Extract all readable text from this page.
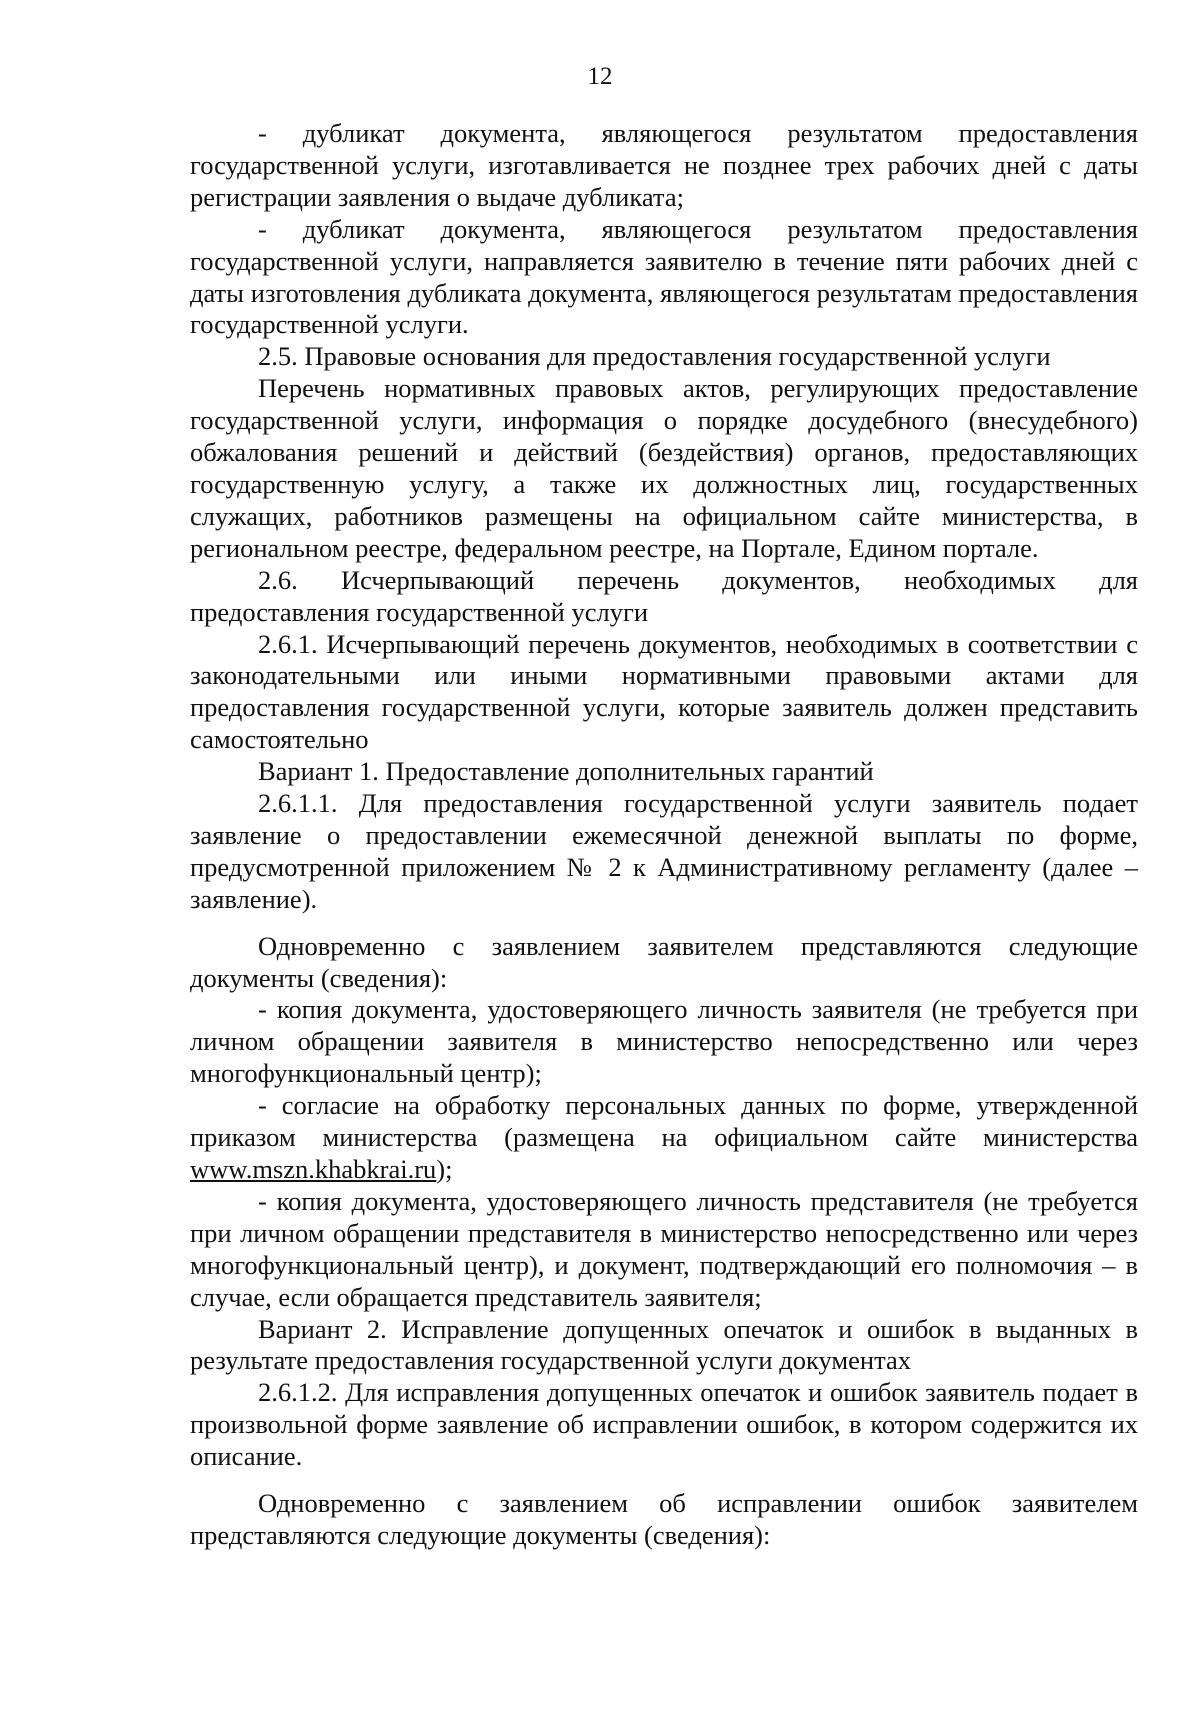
12

- дубликат документа, являющегося результатом предоставления государственной услуги, изготавливается не позднее трех рабочих дней с даты регистрации заявления о выдаче дубликата;

- дубликат документа, являющегося результатом предоставления государственной услуги, направляется заявителю в течение пяти рабочих дней с даты изготовления дубликата документа, являющегося результатам предоставления государственной услуги.

2.5. Правовые основания для предоставления государственной услуги

Перечень нормативных правовых актов, регулирующих предоставление государственной услуги, информация о порядке досудебного (внесудебного) обжалования решений и действий (бездействия) органов, предоставляющих государственную услугу, а также их должностных лиц, государственных служащих, работников размещены на официальном сайте министерства, в региональном реестре, федеральном реестре, на Портале, Едином портале.

2.6. Исчерпывающий перечень документов, необходимых для предоставления государственной услуги

2.6.1. Исчерпывающий перечень документов, необходимых в соответствии с законодательными или иными нормативными правовыми актами для предоставления государственной услуги, которые заявитель должен представить самостоятельно

Вариант 1. Предоставление дополнительных гарантий

2.6.1.1. Для предоставления государственной услуги заявитель подает заявление о предоставлении ежемесячной денежной выплаты по форме, предусмотренной приложением № 2 к Административному регламенту (далее – заявление).

Одновременно с заявлением заявителем представляются следующие документы (сведения):

- копия документа, удостоверяющего личность заявителя (не требуется при личном обращении заявителя в министерство непосредственно или через многофункциональный центр);

- согласие на обработку персональных данных по форме, утвержденной приказом министерства (размещена на официальном сайте министерства www.mszn.khabkrai.ru);

- копия документа, удостоверяющего личность представителя (не требуется при личном обращении представителя в министерство непосредственно или через многофункциональный центр), и документ, подтверждающий его полномочия – в случае, если обращается представитель заявителя;

Вариант 2. Исправление допущенных опечаток и ошибок в выданных в результате предоставления государственной услуги документах

2.6.1.2. Для исправления допущенных опечаток и ошибок заявитель подает в произвольной форме заявление об исправлении ошибок, в котором содержится их описание.

Одновременно с заявлением об исправлении ошибок заявителем представляются следующие документы (сведения):
